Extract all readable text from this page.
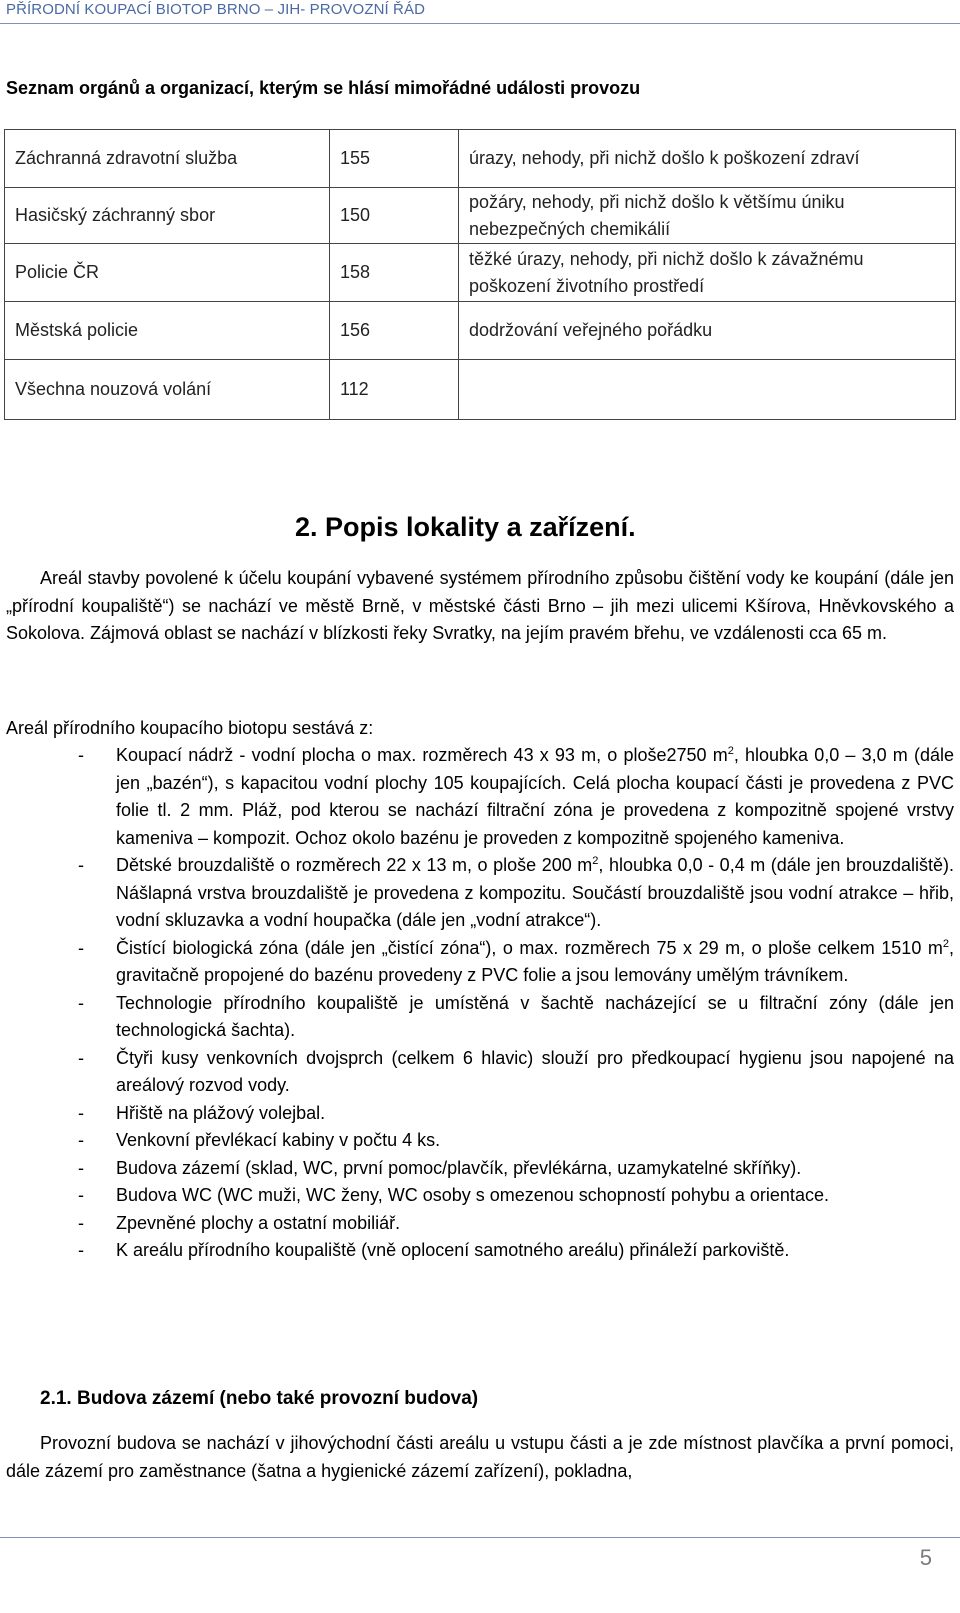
PŘÍRODNÍ KOUPACÍ BIOTOP BRNO – JIH- PROVOZNÍ ŘÁD
Seznam orgánů a organizací, kterým se hlásí mimořádné události provozu
Záchranná zdravotní služba	155	úrazy, nehody, při nichž došlo k poškození zdraví
Hasičský záchranný sbor	150	požáry, nehody, při nichž došlo k většímu úniku
nebezpečných chemikálií

Policie ČR	158	těžké úrazy, nehody, při nichž došlo k závažnému
poškození životního prostředí

Městská policie	156	dodržování veřejného pořádku
Všechna nouzová volání	112	
2. Popis lokality a zařízení.

Areál stavby povolené k účelu koupání vybavené systémem přírodního způsobu čištění vody ke koupání (dále jen „přírodní koupaliště“) se nachází ve městě Brně, v městské části Brno – jih mezi ulicemi Kšírova, Hněvkovského a Sokolova. Zájmová oblast se nachází v blízkosti řeky Svratky, na jejím pravém břehu, ve vzdálenosti cca 65 m.

Areál přírodního koupacího biotopu sestává z:

- Koupací nádrž - vodní plocha o max. rozměrech 43 x 93 m, o ploše2750 $m^2$, hloubka 0,0 – 3,0 m (dále jen „bazén“), s kapacitou vodní plochy 105 koupajících. Celá plocha koupací části je provedena z PVC folie tl. 2 mm. Pláž, pod kterou se nachází filtrační zóna je provedena z kompozitně spojené vrstvy kameniva – kompozit. Ochoz okolo bazénu je proveden z kompozitně spojeného kameniva.
- Dětské brouzdaliště o rozměrech 22 x 13 m, o ploše 200 $m^2$, hloubka 0,0 - 0,4 m (dále jen brouzdaliště). Nášlapná vrstva brouzdaliště je provedena z kompozitu. Součástí brouzdaliště jsou vodní atrakce – hřib, vodní skluzavka a vodní houpačka (dále jen „vodní atrakce“).
- Čistící biologická zóna (dále jen „čistící zóna“), o max. rozměrech 75 x 29 m, o ploše celkem 1510 $m^2$, gravitačně propojené do bazénu provedeny z PVC folie a jsou lemovány umělým trávníkem.
- Technologie přírodního koupaliště je umístěná v šachtě nacházející se u filtrační zóny (dále jen technologická šachta).
- Čtyři kusy venkovních dvojsprch (celkem 6 hlavic) slouží pro předkoupací hygienu jsou napojené na areálový rozvod vody.
- Hřiště na plážový volejbal.
- Venkovní převlékací kabiny v počtu 4 ks.
- Budova zázemí (sklad, WC, první pomoc/plavčík, převlékárna, uzamykatelné skříňky).
- Budova WC (WC muži, WC ženy, WC osoby s omezenou schopností pohybu a orientace.
- Zpevněné plochy a ostatní mobiliář.
- K areálu přírodního koupaliště (vně oplocení samotného areálu) přináleží parkoviště.
2.1. Budova zázemí (nebo také provozní budova)

Provozní budova se nachází v jihovýchodní části areálu u vstupu části a je zde místnost plavčíka a první pomoci, dále zázemí pro zaměstnance (šatna a hygienické zázemí zařízení), pokladna,

5
